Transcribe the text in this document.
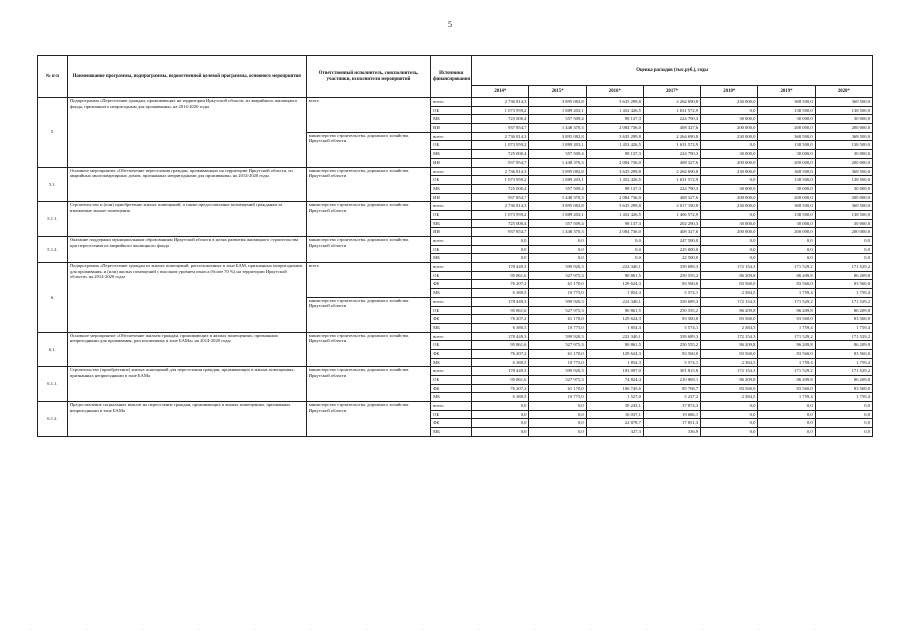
5
№ п-п	Наименование программы, подпрограммы, ведомственной целевой программы, основного мероприятия	Ответственный исполнитель, соисполнитель, участники, исполнители мероприятий	Источники финансирования	Оценка расходов (тыс.руб.), годы						
				2014*	2015*	2016*	2017*	2018*	2019*	2020*
5.	Подпрограмма «Переселение граждан, проживающих на территории Иркутской области, из аварийного жилищного фонда, признанного непригодным для проживания» на 2014-2020 годы	всего	всего	2 736 814,3	3 895 082,8	3 635 299,8	2 264 690,8	230 000,0	368 500,0	368 500,0
			ОБ	1 073 959,2	1 889 203,1	1 452 426,5	1 631 572,9	0,0	138 500,0	138 500,0
			МБ	725 000,4	557 509,4	98 137,3	224 790,3	30 000,0	30 000,0	30 000,0
			ИИ	937 854,7	1 448 370,3	2 084 736,0	408 327,6	200 000,0	200 000,0	200 000,0
		министерство строительства, дорожного хозяйства Иркутской области	всего	2 736 814,3	3 895 082,8	3 635 299,8	2 264 690,8	230 000,0	368 500,0	368 500,0
			ОБ	1 073 959,2	1 889 203,1	1 452 426,5	1 631 572,9	0,0	138 500,0	138 500,0
			МБ	725 000,4	557 509,4	98 137,3	224 790,3	30 000,0	30 000,0	30 000,0
			ИИ	937 854,7	1 448 370,3	2 084 736,0	408 327,6	200 000,0	200 000,0	200 000,0
5.1.	Основное мероприятие «Обеспечение переселения граждан, проживающих на территории Иркутской области, из аварийных многоквартирных домов, признанных непригодными для проживания» на 2014-2020 годы	министерство строительства, дорожного хозяйства Иркутской области	всего	2 736 814,3	3 895 082,8	3 635 299,8	2 264 690,8	230 000,0	368 500,0	368 500,0
			ОБ	1 073 959,2	1 889 203,1	1 452 426,5	1 631 572,9	0,0	138 500,0	138 500,0
			МБ	725 000,4	557 509,4	98 137,3	224 790,3	30 000,0	30 000,0	30 000,0
			ИИ	937 854,7	1 448 370,3	2 084 736,0	408 327,6	200 000,0	200 000,0	200 000,0
5.1.1.	Строительство и (или) приобретение жилых помещений, а также предоставление возмещений гражданам за изымаемые жилые помещения	министерство строительства, дорожного хозяйства Иркутской области	всего	2 736 814,3	3 895 082,8	3 635 299,8	2 017 190,8	230 000,0	368 500,0	368 500,0
			ОБ	1 073 959,2	1 889 203,1	1 452 426,5	1 406 572,9	0,0	138 500,0	138 500,0
			МБ	725 000,4	557 509,4	98 137,3	202 290,3	30 000,0	30 000,0	30 000,0
			ИИ	937 854,7	1 448 370,3	2 084 736,0	408 327,6	200 000,0	200 000,0	200 000,0
5.1.2.	Оказание поддержки муниципальным образованиям Иркутской области в целях развития жилищного строительства при переселении из аварийного жилищного фонда	министерство строительства, дорожного хозяйства Иркутской области	всего	0,0	0,0	0,0	247 500,0	0,0	0,0	0,0
			ОБ	0,0	0,0	0,0	225 000,0	0,0	0,0	0,0
			МБ	0,0	0,0	0,0	22 500,0	0,0	0,0	0,0
6.	Подпрограмма «Переселение граждан из жилых помещений, расположенных в зоне БАМ, признанных непригодными для проживания, и (или) жилых помещений с высоким уровнем износа (более 70 %) на территории Иркутской области» на 2014-2020 годы	всего	всего	178 449,3	599 920,3	222 340,1	339 689,3	172 154,3	171 529,2	171 529,2
			ОБ	95 861,6	527 975,3	90 861,5	250 555,2	86 209,8	86 209,8	86 209,8
			ФБ	76 207,2	61 170,0	129 624,3	83 560,0	83 560,0	83 560,0	83 560,0
			МБ	6 380,5	10 775,0	1 854,3	5 574,1	2 384,5	1 759,4	1 759,4
		министерство строительства, дорожного хозяйства Иркутской области	всего	178 449,3	599 920,3	222 340,1	339 689,3	172 154,3	171 529,2	171 529,2
			ОБ	95 861,6	527 975,3	90 861,5	250 555,2	86 209,8	86 209,8	86 209,8
			ФБ	76 207,2	61 170,0	129 624,3	83 560,0	83 560,0	83 560,0	83 560,0
			МБ	6 380,5	10 775,0	1 854,3	5 574,1	2 384,5	1 759,4	1 759,4
6.1.	Основное мероприятие «Обеспечение жильем граждан, проживающих в жилых помещениях, признанных непригодными для проживания, расположенных в зоне БАМа» на 2014-2020 годы	министерство строительства, дорожного хозяйства Иркутской области	всего	178 449,3	599 920,3	222 340,1	339 689,3	172 154,3	171 529,2	171 529,2
			ОБ	95 861,6	527 975,3	90 861,5	250 555,2	86 209,8	86 209,8	86 209,8
			ФБ	76 207,2	61 170,0	129 624,3	83 560,0	83 560,0	83 560,0	83 560,0
			МБ	6 380,5	10 775,0	1 854,3	5 574,1	2 384,5	1 759,4	1 759,4
6.1.1.	Строительство (приобретение) жилых помещений для переселения граждан, проживающих в жилых помещениях, признанных непригодными в зоне БАМа	министерство строительства, дорожного хозяйства Иркутской области	всего	178 449,3	599 920,3	183 097,0	301 815,8	172 154,3	171 529,2	171 529,2
			ОБ	95 861,6	527 975,3	74 824,4	210 869,1	86 209,8	86 209,8	86 209,8
			ФБ	76 207,2	61 170,0	106 745,6	85 708,7	83 560,0	83 560,0	83 560,0
			МБ	6 380,5	10 775,0	1 527,0	5 237,2	2 384,5	1 759,4	1 759,4
6.1.2.	Предоставление социальных выплат на переселение граждан, проживающих в жилых помещениях, признанных непригодными в зоне БАМа	министерство строительства, дорожного хозяйства Иркутской области	всего	0,0	0,0	39 243,1	37 874,3	0,0	0,0	0,0
			ОБ	0,0	0,0	16 037,1	19 686,1	0,0	0,0	0,0
			ФБ	0,0	0,0	22 878,7	17 851,3	0,0	0,0	0,0
			МБ	0,0	0,0	327,3	336,9	0,0	0,0	0,0
·	·	·	·	·	·	·	·	·	·	·	·	·	·	·
